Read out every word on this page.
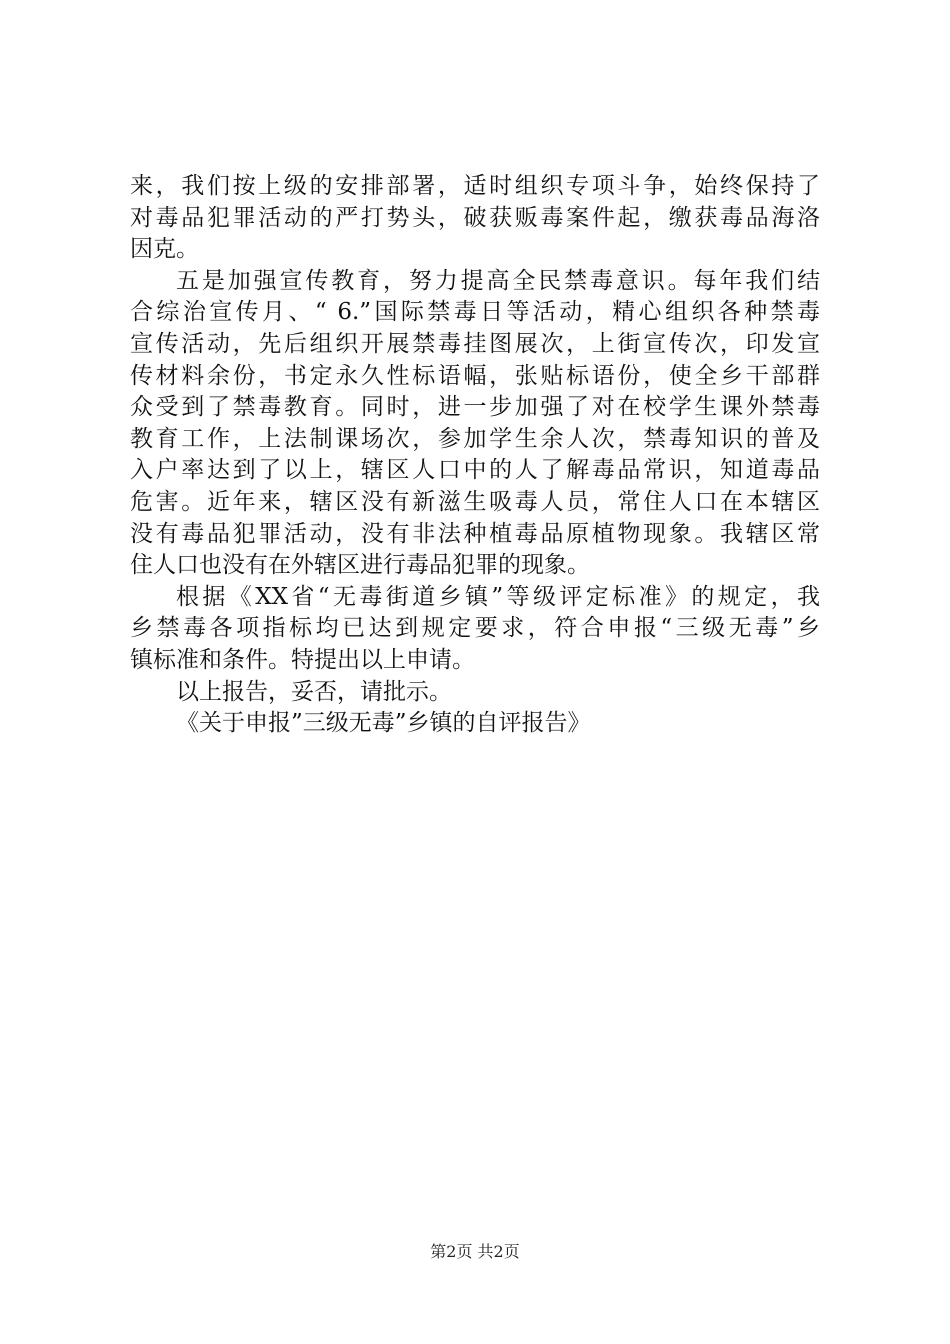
来，我们按上级的安排部署，适时组织专项斗争，始终保持了
对毒品犯罪活动的严打势头，破获贩毒案件起，缴获毒品海洛
因克。
五是加强宣传教育，努力提高全民禁毒意识。每年我们结
合综治宣传月、“ 6.”国际禁毒日等活动，精心组织各种禁毒
宣传活动，先后组织开展禁毒挂图展次，上街宣传次，印发宣
传材料余份，书定永久性标语幅，张贴标语份，使全乡干部群
众受到了禁毒教育。同时，进一步加强了对在校学生课外禁毒
教育工作，上法制课场次，参加学生余人次，禁毒知识的普及
入户率达到了以上，辖区人口中的人了解毒品常识，知道毒品
危害。近年来，辖区没有新滋生吸毒人员，常住人口在本辖区
没有毒品犯罪活动，没有非法种植毒品原植物现象。我辖区常
住人口也没有在外辖区进行毒品犯罪的现象。
根据《XX省“无毒街道乡镇”等级评定标准》的规定，我
乡禁毒各项指标均已达到规定要求，符合申报“三级无毒”乡
镇标准和条件。特提出以上申请。
以上报告，妥否，请批示。
《关于申报”三级无毒”乡镇的自评报告》
第2页 共2页
